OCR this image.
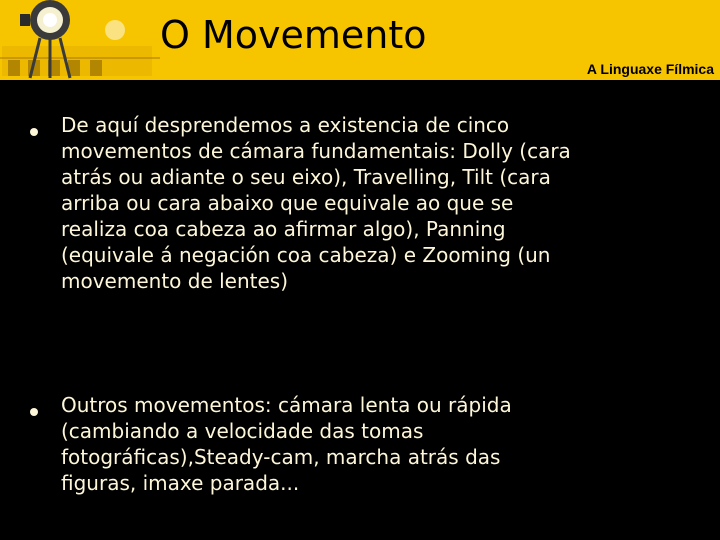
O Movemento
A Linguaxe Fílmica
De aquí desprendemos a existencia de cinco
movementos de cámara fundamentais: Dolly (cara
atrás ou adiante o seu eixo), Travelling, Tilt (cara
arriba ou cara abaixo que equivale ao que se
realiza coa cabeza ao afirmar algo), Panning
(equivale á negación coa cabeza) e Zooming (un
movemento de lentes)
Outros movementos: cámara lenta ou rápida
(cambiando a velocidade das tomas
fotográficas),Steady-cam, marcha atrás das
figuras, imaxe parada...
